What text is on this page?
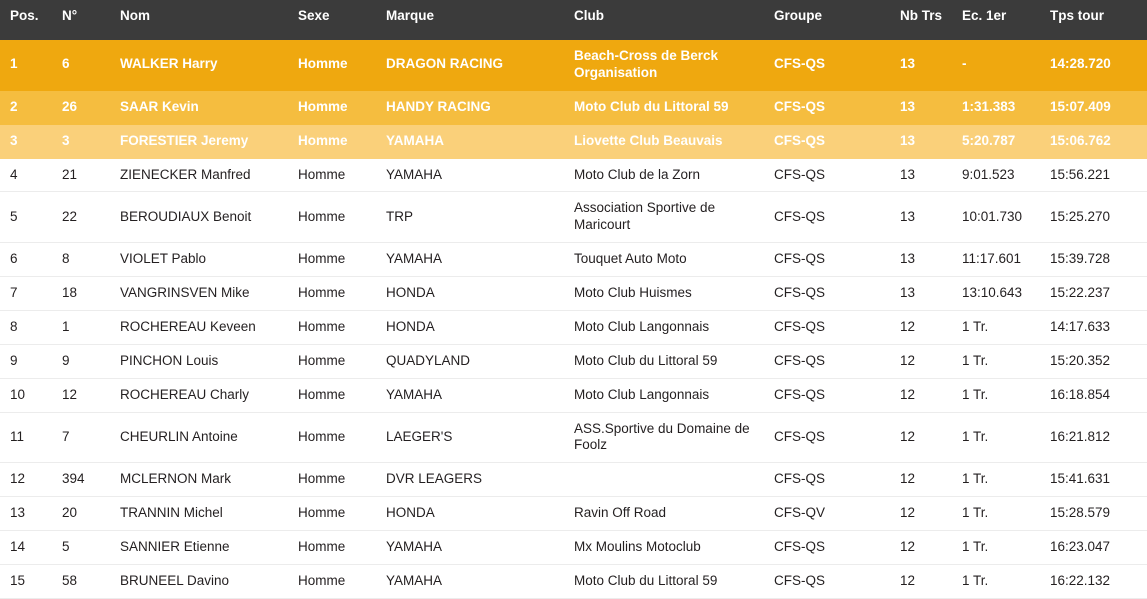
Pos.	N°	Nom	Sexe	Marque	Club	Groupe	Nb Trs	Ec. 1er	Tps tour
1	6	WALKER Harry	Homme	DRAGON RACING	Beach-Cross de Berck Organisation	CFS-QS	13	-	14:28.720
2	26	SAAR Kevin	Homme	HANDY RACING	Moto Club du Littoral 59	CFS-QS	13	1:31.383	15:07.409
3	3	FORESTIER Jeremy	Homme	YAMAHA	Liovette Club Beauvais	CFS-QS	13	5:20.787	15:06.762
4	21	ZIENECKER Manfred	Homme	YAMAHA	Moto Club de la Zorn	CFS-QS	13	9:01.523	15:56.221
5	22	BEROUDIAUX Benoit	Homme	TRP	Association Sportive de Maricourt	CFS-QS	13	10:01.730	15:25.270
6	8	VIOLET Pablo	Homme	YAMAHA	Touquet Auto Moto	CFS-QS	13	11:17.601	15:39.728
7	18	VANGRINSVEN Mike	Homme	HONDA	Moto Club Huismes	CFS-QS	13	13:10.643	15:22.237
8	1	ROCHEREAU Keveen	Homme	HONDA	Moto Club Langonnais	CFS-QS	12	1 Tr.	14:17.633
9	9	PINCHON Louis	Homme	QUADYLAND	Moto Club du Littoral 59	CFS-QS	12	1 Tr.	15:20.352
10	12	ROCHEREAU Charly	Homme	YAMAHA	Moto Club Langonnais	CFS-QS	12	1 Tr.	16:18.854
11	7	CHEURLIN Antoine	Homme	LAEGER'S	ASS.Sportive du Domaine de Foolz	CFS-QS	12	1 Tr.	16:21.812
12	394	MCLERNON Mark	Homme	DVR LEAGERS		CFS-QS	12	1 Tr.	15:41.631
13	20	TRANNIN Michel	Homme	HONDA	Ravin Off Road	CFS-QV	12	1 Tr.	15:28.579
14	5	SANNIER Etienne	Homme	YAMAHA	Mx Moulins Motoclub	CFS-QS	12	1 Tr.	16:23.047
15	58	BRUNEEL Davino	Homme	YAMAHA	Moto Club du Littoral 59	CFS-QS	12	1 Tr.	16:22.132
